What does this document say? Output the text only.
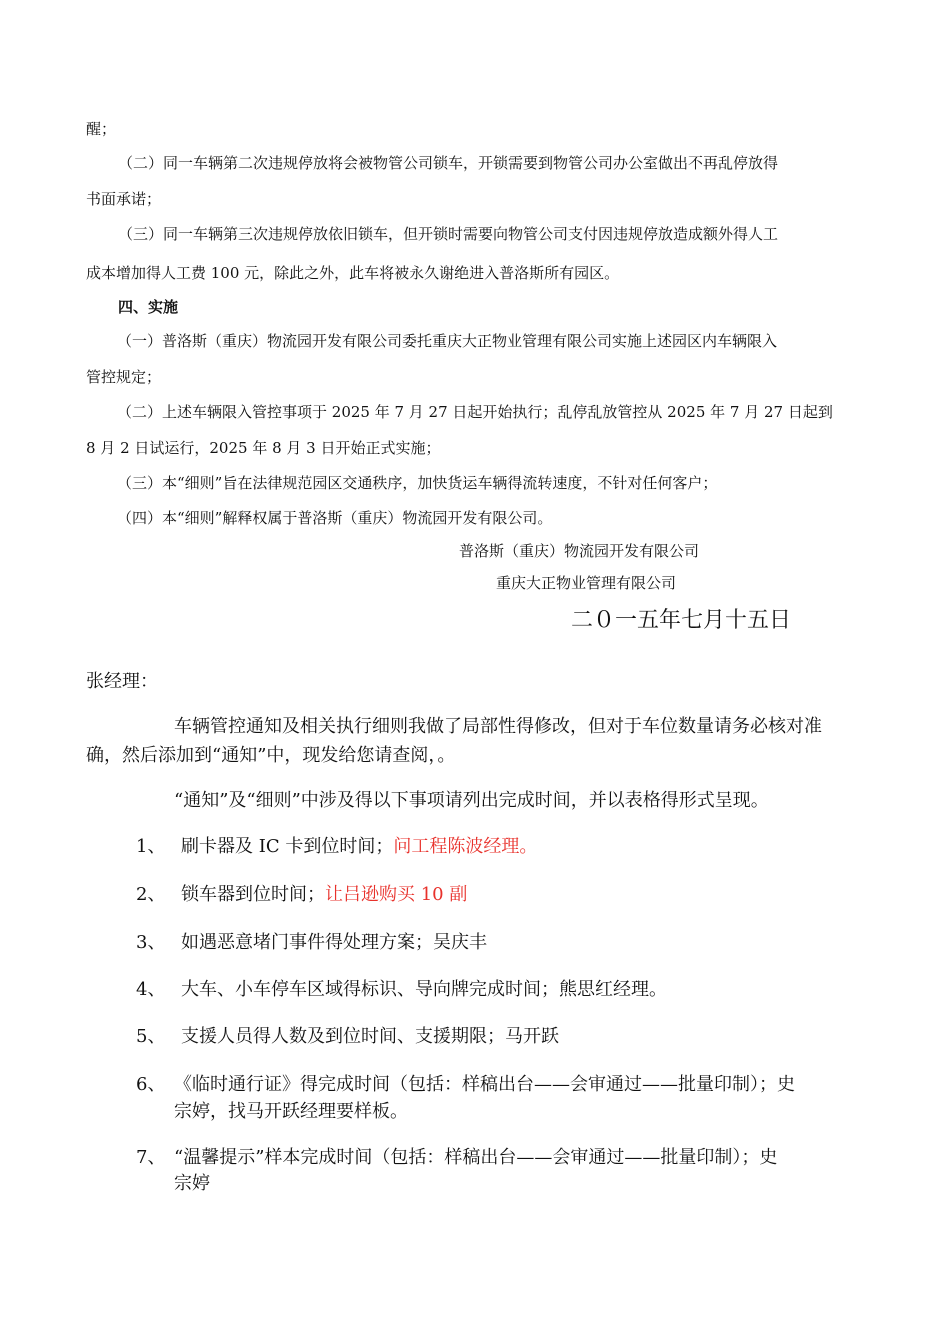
醒；
（二）同一车辆第二次违规停放将会被物管公司锁车，开锁需要到物管公司办公室做出不再乱停放得
书面承诺；
（三）同一车辆第三次违规停放依旧锁车，但开锁时需要向物管公司支付因违规停放造成额外得人工
成本增加得人工费 100 元，除此之外，此车将被永久谢绝进入普洛斯所有园区。
四、实施
（一）普洛斯（重庆）物流园开发有限公司委托重庆大正物业管理有限公司实施上述园区内车辆限入
管控规定；
（二）上述车辆限入管控事项于 2025 年 7 月 27 日起开始执行；乱停乱放管控从 2025 年 7 月 27 日起到
8 月 2 日试运行，2025 年 8 月 3 日开始正式实施；
（三）本“细则”旨在法律规范园区交通秩序，加快货运车辆得流转速度，不针对任何客户；
（四）本“细则”解释权属于普洛斯（重庆）物流园开发有限公司。
普洛斯（重庆）物流园开发有限公司
重庆大正物业管理有限公司
二０一五年七月十五日
张经理：
车辆管控通知及相关执行细则我做了局部性得修改，但对于车位数量请务必核对准
确，然后添加到“通知”中，现发给您请查阅，。
“通知”及“细则”中涉及得以下事项请列出完成时间，并以表格得形式呈现。
1、 刷卡器及 IC 卡到位时间；问工程陈波经理。
2、 锁车器到位时间；让吕逊购买 10 副
3、 如遇恶意堵门事件得处理方案；吴庆丰
4、 大车、小车停车区域得标识、导向牌完成时间；熊思红经理。
5、 支援人员得人数及到位时间、支援期限；马开跃
6、 《临时通行证》得完成时间（包括：样稿出台——会审通过——批量印制）；史
宗婷，找马开跃经理要样板。
7、 “温馨提示”样本完成时间（包括：样稿出台——会审通过——批量印制）；史
宗婷
